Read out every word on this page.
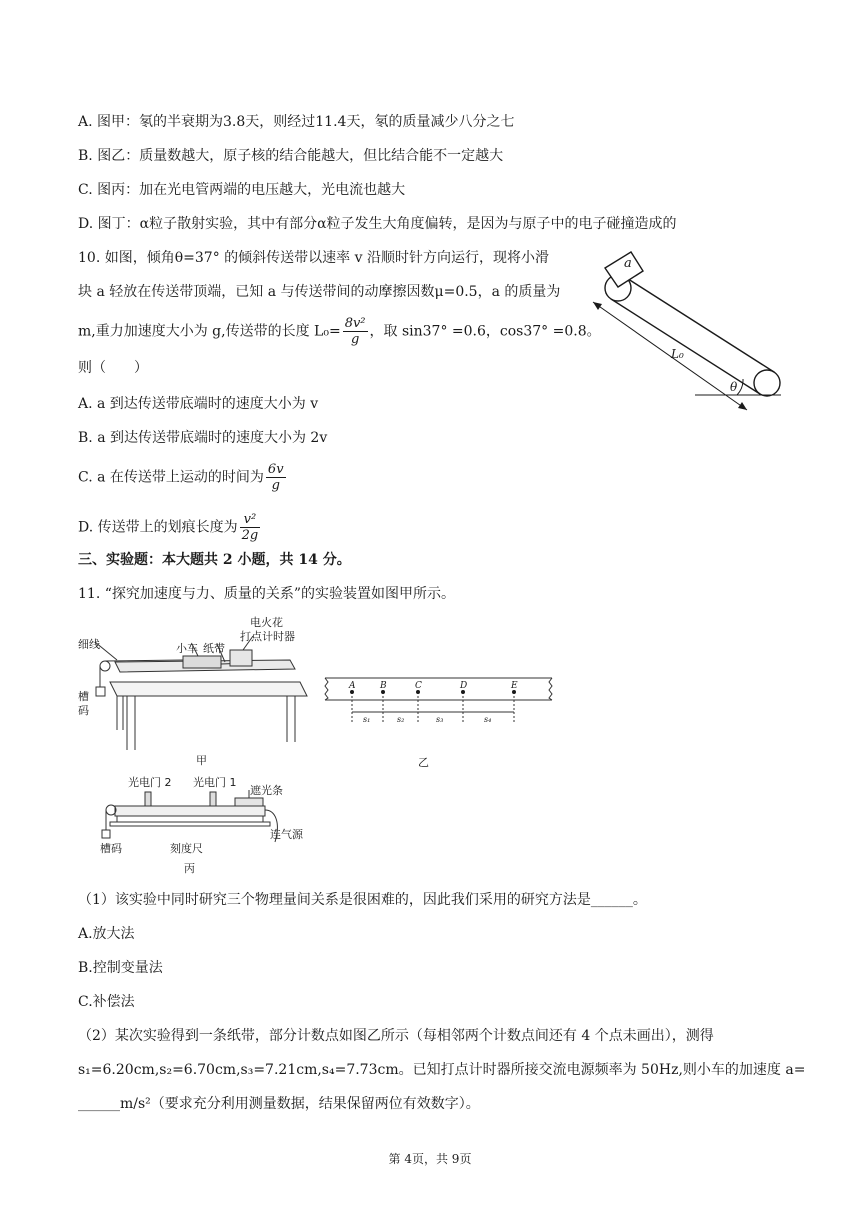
A. 图甲：氡的半衰期为3.8天，则经过11.4天，氡的质量减少八分之七
B. 图乙：质量数越大，原子核的结合能越大，但比结合能不一定越大
C. 图丙：加在光电管两端的电压越大，光电流也越大
D. 图丁：α粒子散射实验，其中有部分α粒子发生大角度偏转，是因为与原子中的电子碰撞造成的
10. 如图，倾角θ=37° 的倾斜传送带以速率 v 沿顺时针方向运行，现将小滑
块 a 轻放在传送带顶端，已知 a 与传送带间的动摩擦因数μ=0.5，a 的质量为
m,重力加速度大小为 g,传送带的长度 $L_0= \frac{\text{8v²}}{g}$ ，取 sin37° =0.6，cos37° =0.8。
则（　　）
A. a 到达传送带底端时的速度大小为 v
B. a 到达传送带底端时的速度大小为 2v
C. a 在传送带上运动的时间为 $\frac{6v}{g}$
D. 传送带上的划痕长度为 $\frac{\text{v²}}{2g}$
a
L₀
θ
三、实验题：本大题共 2 小题，共 14 分。
11. “探究加速度与力、质量的关系”的实验装置如图甲所示。
细线	小车 纸带
电火花
打点计时器
槽
码
甲
A	B	C	D	E
s₁	s₂	s₃	s₄
乙
光电门 2 光电门 1
遮光条
槽码	刻度尺
连气源
丙
（1）该实验中同时研究三个物理量间关系是很困难的，因此我们采用的研究方法是______。
A.放大法
B.控制变量法
C.补偿法
（2）某次实验得到一条纸带，部分计数点如图乙所示（每相邻两个计数点间还有 4 个点未画出），测得
s₁=6.20cm,s₂=6.70cm,s₃=7.21cm,s₄=7.73cm。已知打点计时器所接交流电源频率为 50Hz,则小车的加速度 a=
______m/s²（要求充分利用测量数据，结果保留两位有效数字）。
第 4页，共 9页
